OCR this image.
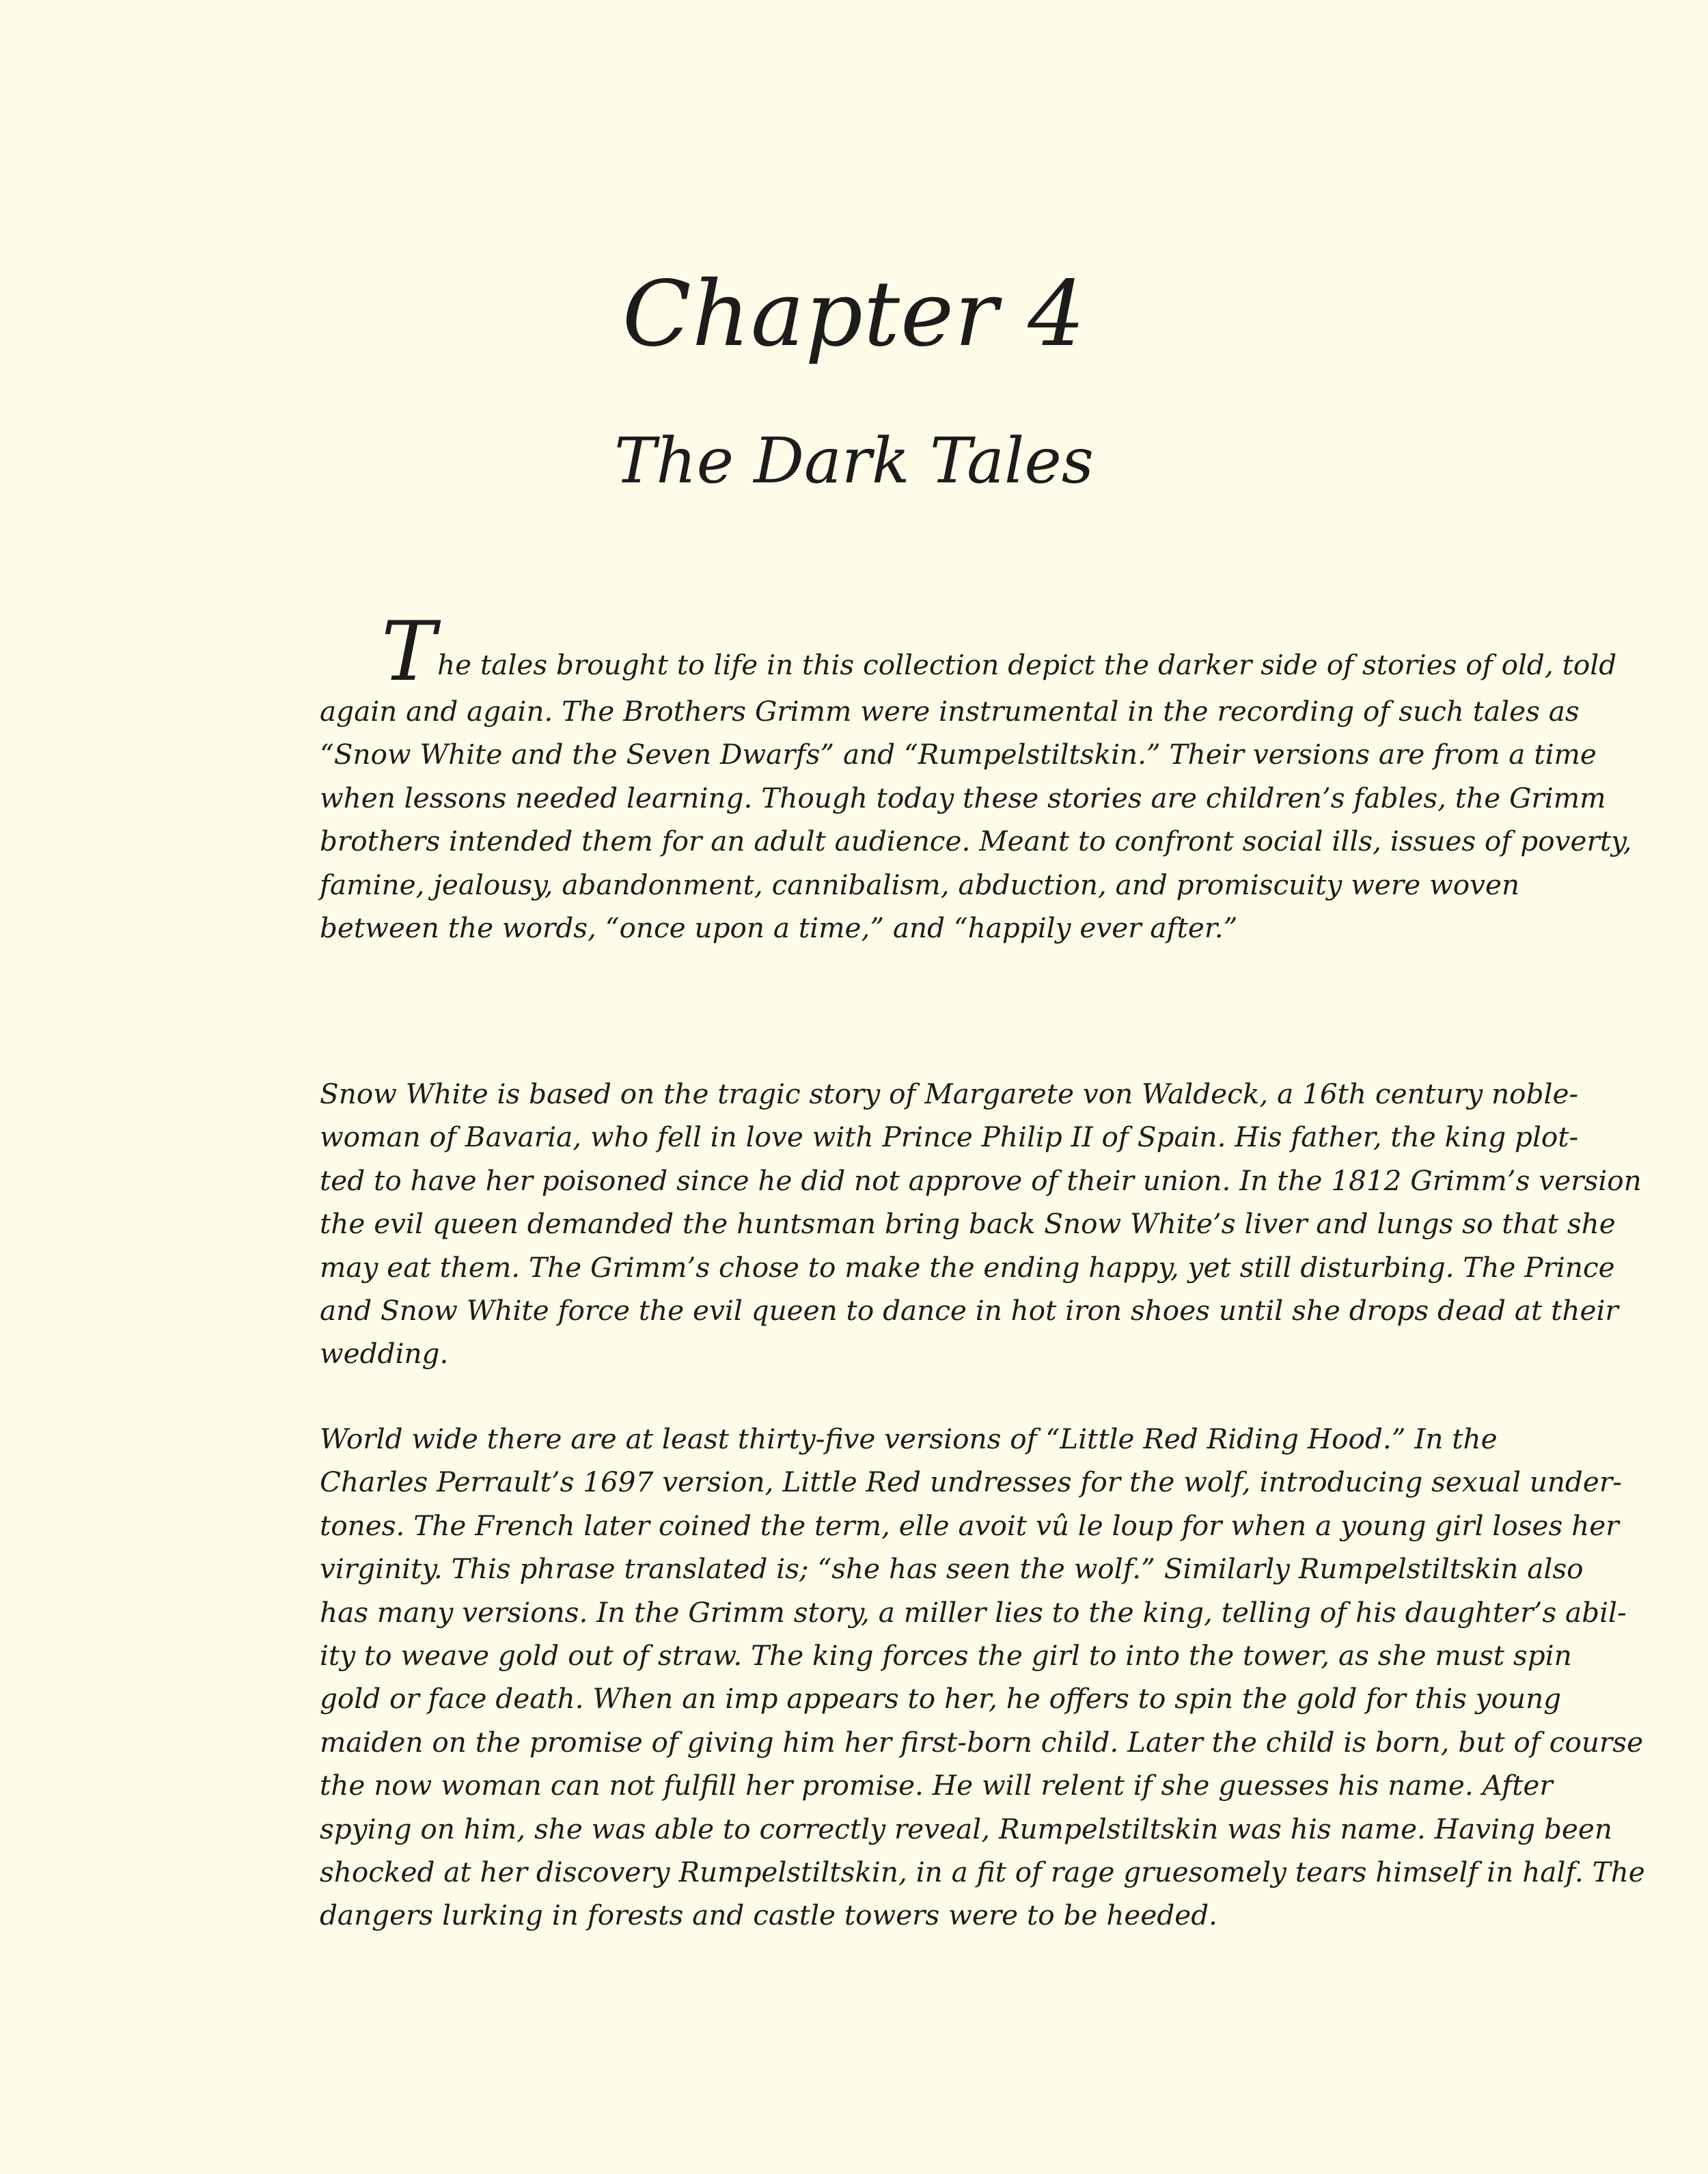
Chapter 4
The Dark Tales
The tales brought to life in this collection depict the darker side of stories of old, told
again and again. The Brothers Grimm were instrumental in the recording of such tales as
“Snow White and the Seven Dwarfs” and “Rumpelstiltskin.” Their versions are from a time
when lessons needed learning. Though today these stories are children’s fables, the Grimm
brothers intended them for an adult audience. Meant to confront social ills, issues of poverty,
famine, jealousy, abandonment, cannibalism, abduction, and promiscuity were woven
between the words, “once upon a time,” and “happily ever after.”
Snow White is based on the tragic story of Margarete von Waldeck, a 16th century noble-
woman of Bavaria, who fell in love with Prince Philip II of Spain. His father, the king plot-
ted to have her poisoned since he did not approve of their union. In the 1812 Grimm’s version
the evil queen demanded the huntsman bring back Snow White’s liver and lungs so that she
may eat them. The Grimm’s chose to make the ending happy, yet still disturbing. The Prince
and Snow White force the evil queen to dance in hot iron shoes until she drops dead at their
wedding.
World wide there are at least thirty-five versions of “Little Red Riding Hood.” In the
Charles Perrault’s 1697 version, Little Red undresses for the wolf, introducing sexual under-
tones. The French later coined the term, elle avoit vû le loup for when a young girl loses her
virginity. This phrase translated is; “she has seen the wolf.” Similarly Rumpelstiltskin also
has many versions. In the Grimm story, a miller lies to the king, telling of his daughter’s abil-
ity to weave gold out of straw. The king forces the girl to into the tower, as she must spin
gold or face death. When an imp appears to her, he offers to spin the gold for this young
maiden on the promise of giving him her first-born child. Later the child is born, but of course
the now woman can not fulfill her promise. He will relent if she guesses his name. After
spying on him, she was able to correctly reveal, Rumpelstiltskin was his name. Having been
shocked at her discovery Rumpelstiltskin, in a fit of rage gruesomely tears himself in half. The
dangers lurking in forests and castle towers were to be heeded.
